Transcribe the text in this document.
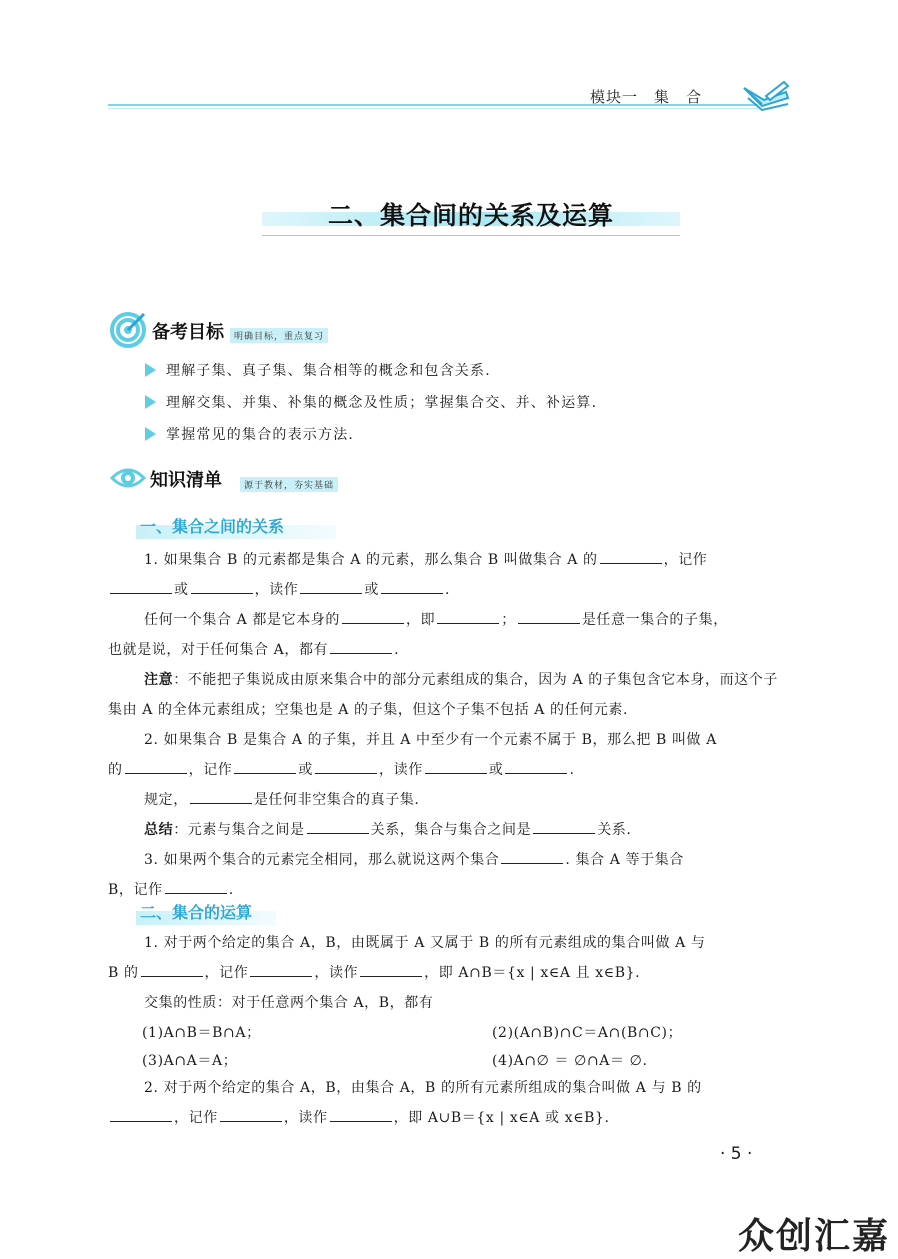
模块一　集　合
二、集合间的关系及运算
备考目标	明确目标，重点复习
理解子集、真子集、集合相等的概念和包含关系.
理解交集、并集、补集的概念及性质；掌握集合交、并、补运算.
掌握常见的集合的表示方法.
知识清单	源于教材，夯实基础
一、集合之间的关系
1. 如果集合 B 的元素都是集合 A 的元素，那么集合 B 叫做集合 A 的	，记作
或	，读作	或	.
任何一个集合 A 都是它本身的	，即	；	是任意一集合的子集，
也就是说，对于任何集合 A，都有	.
注意：不能把子集说成由原来集合中的部分元素组成的集合，因为 A 的子集包含它本身，而这个子集由 A 的全体元素组成；空集也是 A 的子集，但这个子集不包括 A 的任何元素.
2. 如果集合 B 是集合 A 的子集，并且 A 中至少有一个元素不属于 B，那么把 B 叫做 A
的	，记作	或	，读作	或	.
规定，	是任何非空集合的真子集.
总结：元素与集合之间是	关系，集合与集合之间是	关系.
3. 如果两个集合的元素完全相同，那么就说这两个集合	. 集合 A 等于集合
B，记作	.
二、集合的运算
1. 对于两个给定的集合 A，B，由既属于 A 又属于 B 的所有元素组成的集合叫做 A 与
B 的	，记作	，读作	，即 A∩B＝{x | x∈A 且 x∈B}.
交集的性质：对于任意两个集合 A，B，都有
(1)A∩B＝B∩A；	(2)(A∩B)∩C＝A∩(B∩C)；
(3)A∩A＝A；	(4)A∩∅ ＝ ∅∩A＝ ∅.
2. 对于两个给定的集合 A，B，由集合 A，B 的所有元素所组成的集合叫做 A 与 B 的
，记作	，读作	，即 A∪B＝{x | x∈A 或 x∈B}.
· 5 ·
众创汇嘉
